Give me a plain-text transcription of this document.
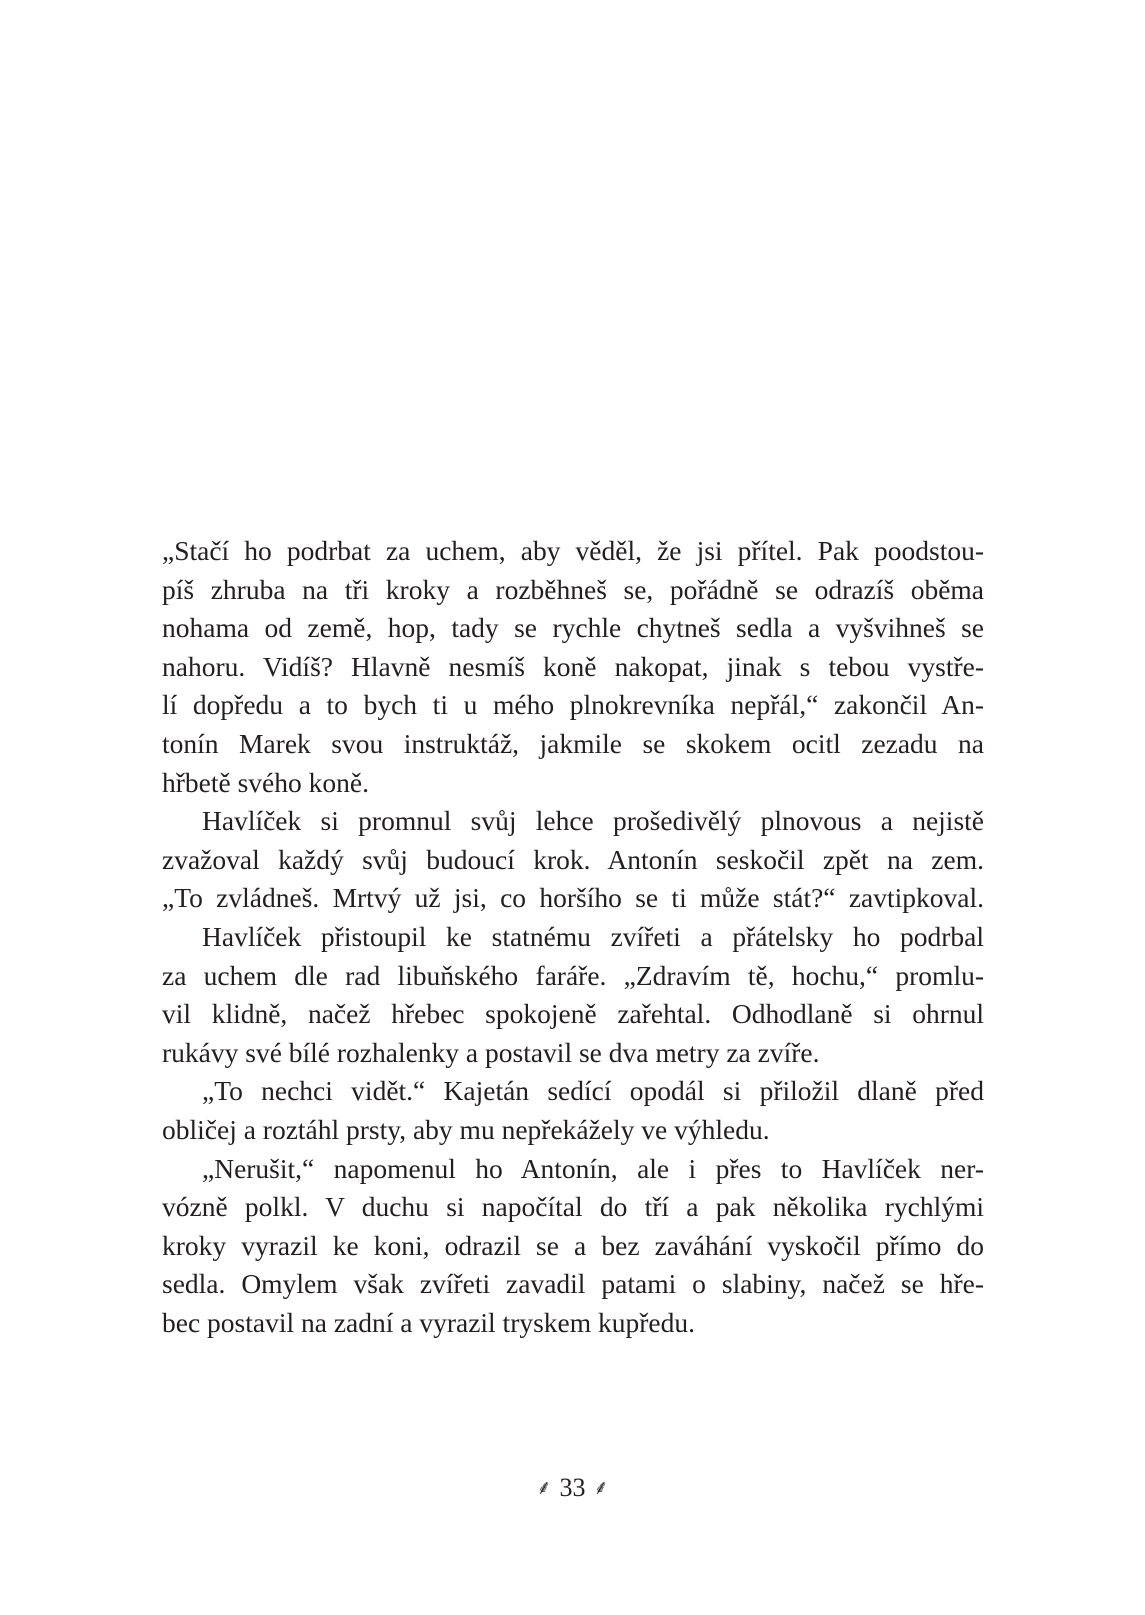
„Stačí ho podrbat za uchem, aby věděl, že jsi přítel. Pak poodstou-
píš zhruba na tři kroky a rozběhneš se, pořádně se odrazíš oběma
nohama od země, hop, tady se rychle chytneš sedla a vyšvihneš se
nahoru. Vidíš? Hlavně nesmíš koně nakopat, jinak s tebou vystře-
lí dopředu a to bych ti u mého plnokrevníka nepřál,“ zakončil An-
tonín Marek svou instruktáž, jakmile se skokem ocitl zezadu na
hřbetě svého koně.
Havlíček si promnul svůj lehce prošedivělý plnovous a nejistě
zvažoval každý svůj budoucí krok. Antonín seskočil zpět na zem.
„To zvládneš. Mrtvý už jsi, co horšího se ti může stát?“ zavtipkoval.
Havlíček přistoupil ke statnému zvířeti a přátelsky ho podrbal
za uchem dle rad libuňského faráře. „Zdravím tě, hochu,“ promlu-
vil klidně, načež hřebec spokojeně zařehtal. Odhodlaně si ohrnul
rukávy své bílé rozhalenky a postavil se dva metry za zvíře.
„To nechci vidět.“ Kajetán sedící opodál si přiložil dlaně před
obličej a roztáhl prsty, aby mu nepřekážely ve výhledu.
„Nerušit,“ napomenul ho Antonín, ale i přes to Havlíček ner-
vózně polkl. V duchu si napočítal do tří a pak několika rychlými
kroky vyrazil ke koni, odrazil se a bez zaváhání vyskočil přímo do
sedla. Omylem však zvířeti zavadil patami o slabiny, načež se hře-
bec postavil na zadní a vyrazil tryskem kupředu.
⸙ 33 ⸙
